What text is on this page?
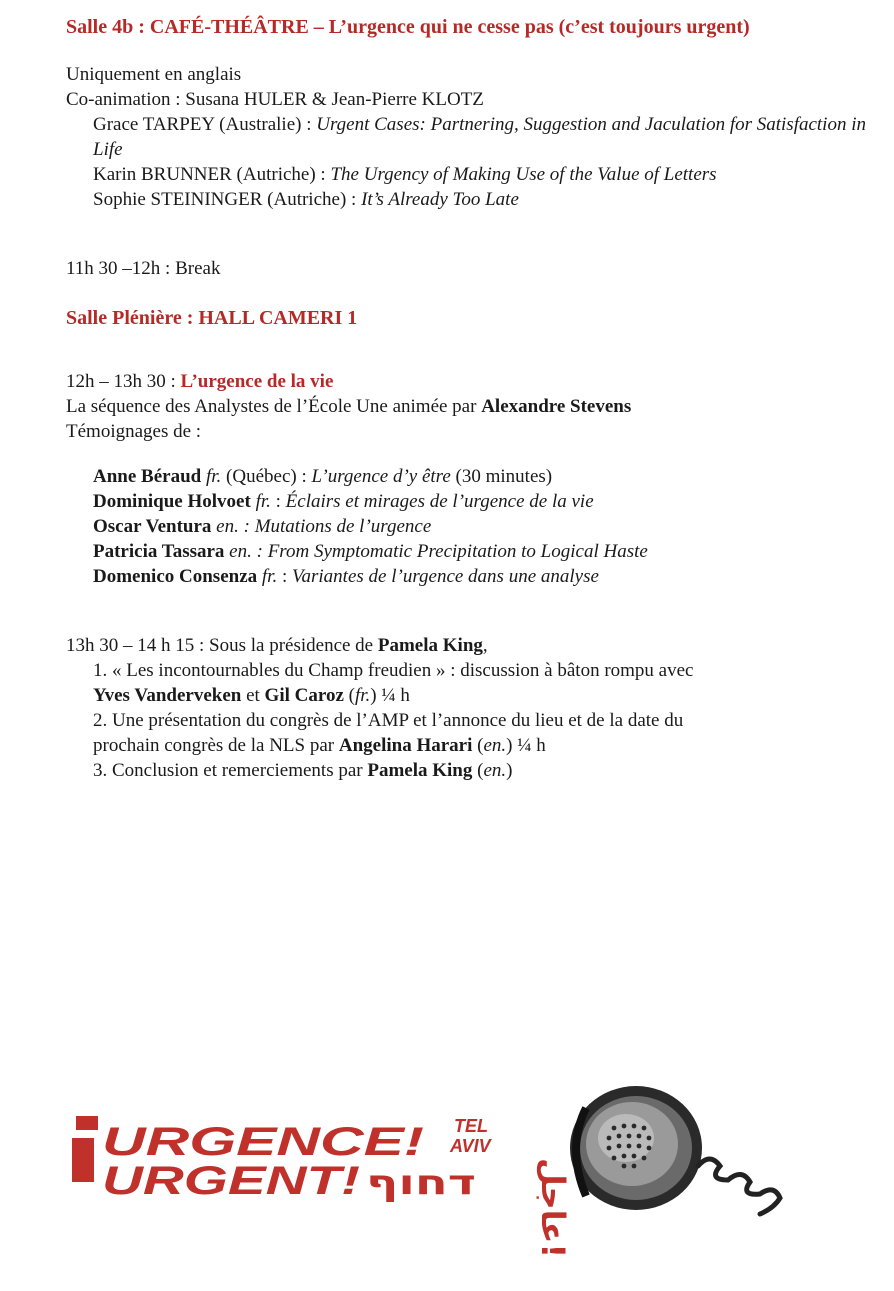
Salle 4b : CAFÉ-THÉÂTRE – L’urgence qui ne cesse pas (c’est toujours urgent)

Uniquement en anglais

Co-animation : Susana HULER & Jean-Pierre KLOTZ

Grace TARPEY (Australie) : Urgent Cases: Partnering, Suggestion and Jaculation for Satisfaction in Life

Karin BRUNNER (Autriche) : The Urgency of Making Use of the Value of Letters

Sophie STEININGER (Autriche) : It’s Already Too Late

11h 30 –12h : Break

Salle Plénière : HALL CAMERI 1

12h – 13h 30 : L’urgence de la vie

La séquence des Analystes de l’École Une animée par Alexandre Stevens

Témoignages de :

Anne Béraud fr. (Québec) : L’urgence d’y être (30 minutes)

Dominique Holvoet fr. : Éclairs et mirages de l’urgence de la vie

Oscar Ventura en. : Mutations de l’urgence

Patricia Tassara en. : From Symptomatic Precipitation to Logical Haste

Domenico Consenza fr. : Variantes de l’urgence dans une analyse

13h 30 – 14 h 15 : Sous la présidence de Pamela King,

1. « Les incontournables du Champ freudien » : discussion à bâton rompu avec

Yves Vanderveken et Gil Caroz (fr.) ¼ h

2. Une présentation du congrès de l’AMP et l’annonce du lieu et de la date du

prochain congrès de la NLS par Angelina Harari (en.) ¼ h

3. Conclusion et remerciements par Pamela King (en.)

URGENCE!
URGENT! דחוף
TEL
AVIV
عاجل!
